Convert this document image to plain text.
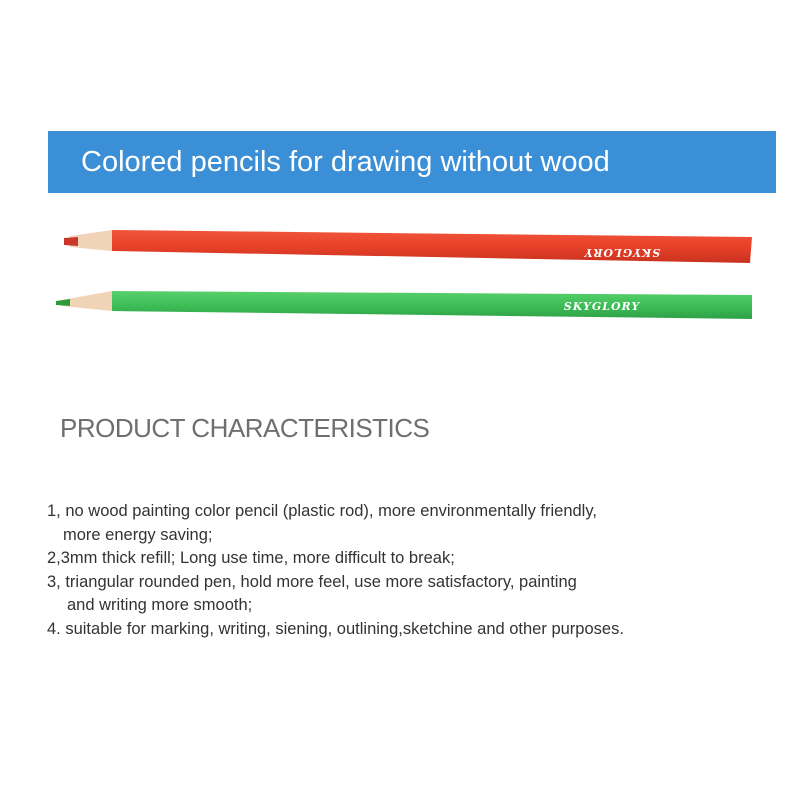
Colored pencils for drawing without wood
SKYGLORY
SKYGLORY
PRODUCT CHARACTERISTICS
1, no wood painting color pencil (plastic rod), more environmentally friendly,
more energy saving;
2,3mm thick refill; Long use time, more difficult to break;
3, triangular rounded pen, hold more feel, use more satisfactory, painting
and writing more smooth;
4. suitable for marking, writing, siening, outlining,sketchine and other purposes.
